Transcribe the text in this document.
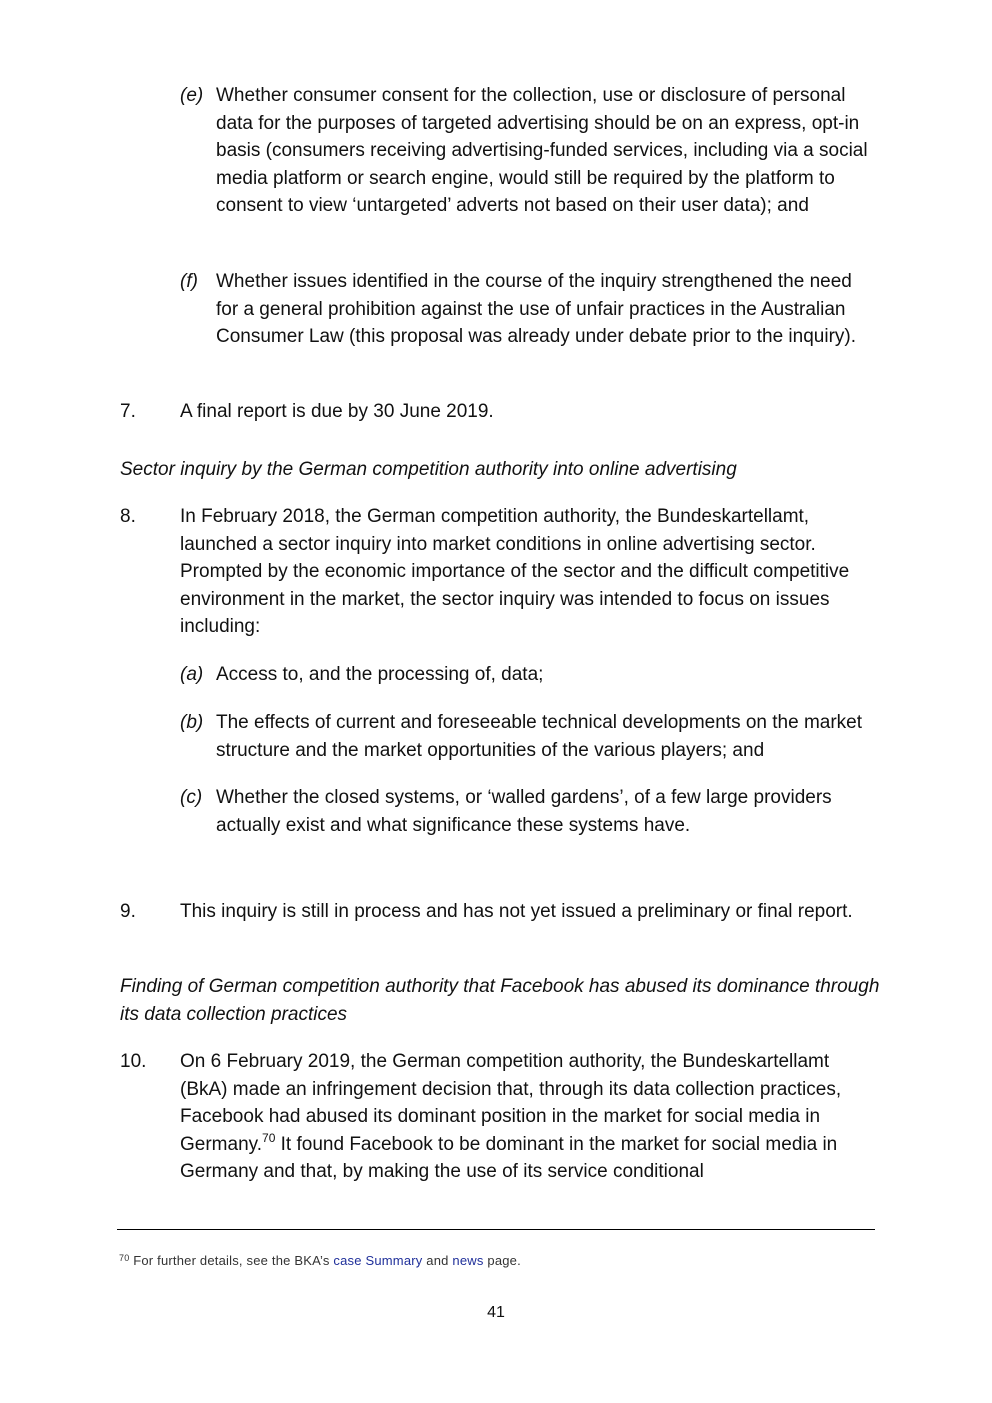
(e) Whether consumer consent for the collection, use or disclosure of personal data for the purposes of targeted advertising should be on an express, opt-in basis (consumers receiving advertising-funded services, including via a social media platform or search engine, would still be required by the platform to consent to view ‘untargeted’ adverts not based on their user data); and
(f) Whether issues identified in the course of the inquiry strengthened the need for a general prohibition against the use of unfair practices in the Australian Consumer Law (this proposal was already under debate prior to the inquiry).
7. A final report is due by 30 June 2019.
Sector inquiry by the German competition authority into online advertising
8. In February 2018, the German competition authority, the Bundeskartellamt, launched a sector inquiry into market conditions in online advertising sector. Prompted by the economic importance of the sector and the difficult competitive environment in the market, the sector inquiry was intended to focus on issues including:
(a) Access to, and the processing of, data;
(b) The effects of current and foreseeable technical developments on the market structure and the market opportunities of the various players; and
(c) Whether the closed systems, or ‘walled gardens’, of a few large providers actually exist and what significance these systems have.
9. This inquiry is still in process and has not yet issued a preliminary or final report.
Finding of German competition authority that Facebook has abused its dominance through its data collection practices
10. On 6 February 2019, the German competition authority, the Bundeskartellamt (BkA) made an infringement decision that, through its data collection practices, Facebook had abused its dominant position in the market for social media in Germany.$^{70}$ It found Facebook to be dominant in the market for social media in Germany and that, by making the use of its service conditional
$^{70}$ For further details, see the BKA’s case Summary and news page.
41
